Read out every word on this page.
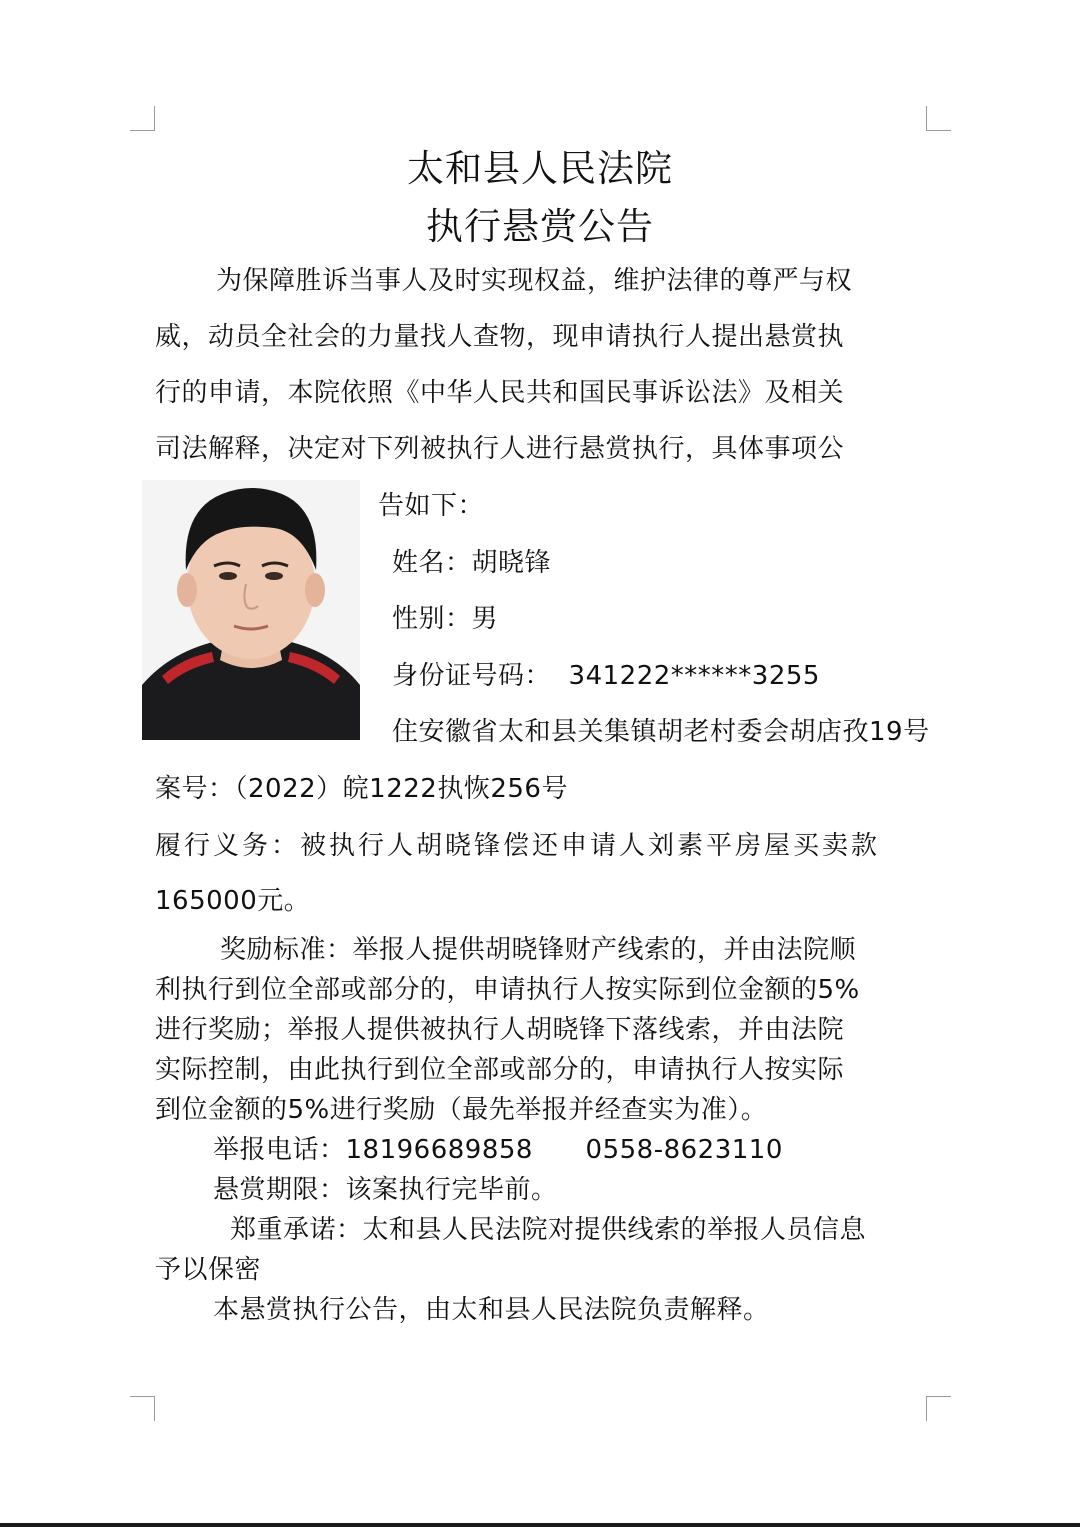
太和县人民法院
执行悬赏公告
为保障胜诉当事人及时实现权益，维护法律的尊严与权
威，动员全社会的力量找人查物，现申请执行人提出悬赏执
行的申请，本院依照《中华人民共和国民事诉讼法》及相关
司法解释，决定对下列被执行人进行悬赏执行，具体事项公
告如下：
姓名：胡晓锋
性别：男
身份证号码：  341222******3255
住安徽省太和县关集镇胡老村委会胡店孜19号
案号：（2022）皖1222执恢256号
履行义务：被执行人胡晓锋偿还申请人刘素平房屋买卖款
165000元。
奖励标准：举报人提供胡晓锋财产线索的，并由法院顺
利执行到位全部或部分的，申请执行人按实际到位金额的5%
进行奖励；举报人提供被执行人胡晓锋下落线索，并由法院
实际控制，由此执行到位全部或部分的，申请执行人按实际
到位金额的5%进行奖励（最先举报并经查实为准）。
举报电话：18196689858      0558-8623110
悬赏期限：该案执行完毕前。
郑重承诺：太和县人民法院对提供线索的举报人员信息
予以保密
本悬赏执行公告，由太和县人民法院负责解释。
